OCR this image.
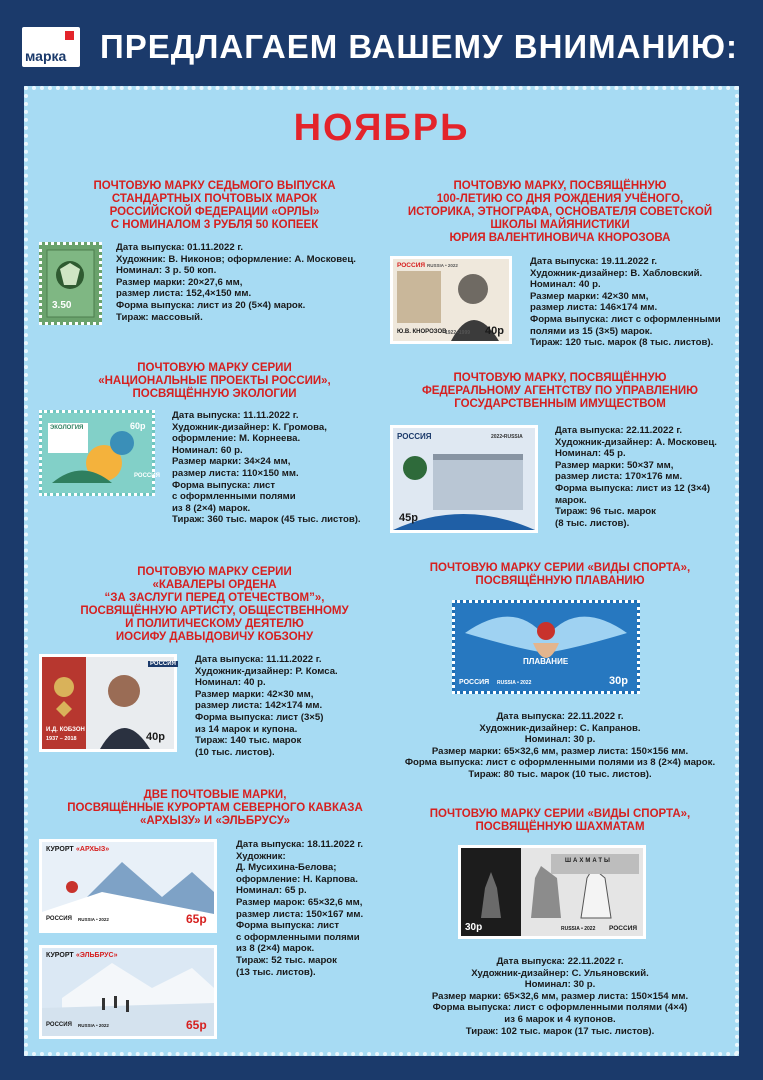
марка ПРЕДЛАГАЕМ ВАШЕМУ ВНИМАНИЮ:
НОЯБРЬ
ПОЧТОВУЮ МАРКУ СЕДЬМОГО ВЫПУСКА
СТАНДАРТНЫХ ПОЧТОВЫХ МАРОК
РОССИЙСКОЙ ФЕДЕРАЦИИ «ОРЛЫ»
С НОМИНАЛОМ 3 РУБЛЯ 50 КОПЕЕК
3.50
Дата выпуска: 01.11.2022 г.
Художник: В. Никонов; оформление: А. Московец.
Номинал: 3 р. 50 коп.
Размер марки: 20×27,6 мм,
размер листа: 152,4×150 мм.
Форма выпуска: лист из 20 (5×4) марок.
Тираж: массовый.
ПОЧТОВУЮ МАРКУ СЕРИИ
«НАЦИОНАЛЬНЫЕ ПРОЕКТЫ РОССИИ»,
ПОСВЯЩЁННУЮ ЭКОЛОГИИ
ЭКОЛОГИЯ	60р
РОССИЯ
Дата выпуска: 11.11.2022 г.
Художник-дизайнер: К. Громова,
оформление: М. Корнеева.
Номинал: 60 р.
Размер марки: 34×24 мм,
размер листа: 110×150 мм.
Форма выпуска: лист
с оформленными полями
из 8 (2×4) марок.
Тираж: 360 тыс. марок (45 тыс. листов).
ПОЧТОВУЮ МАРКУ СЕРИИ
«КАВАЛЕРЫ ОРДЕНА
“ЗА ЗАСЛУГИ ПЕРЕД ОТЕЧЕСТВОМ”»,
ПОСВЯЩЁННУЮ АРТИСТУ, ОБЩЕСТВЕННОМУ
И ПОЛИТИЧЕСКОМУ ДЕЯТЕЛЮ
ИОСИФУ ДАВЫДОВИЧУ КОБЗОНУ
РОССИЯ
И.Д. КОБЗОН
1937 – 2018	40р
Дата выпуска: 11.11.2022 г.
Художник-дизайнер: Р. Комса.
Номинал: 40 р.
Размер марки: 42×30 мм,
размер листа: 142×174 мм.
Форма выпуска: лист (3×5)
из 14 марок и купона.
Тираж: 140 тыс. марок
(10 тыс. листов).
ДВЕ ПОЧТОВЫЕ МАРКИ,
ПОСВЯЩЁННЫЕ КУРОРТАМ СЕВЕРНОГО КАВКАЗА
«АРХЫЗУ» И «ЭЛЬБРУСУ»
КУРОРТ «АРХЫЗ»
РОССИЯ RUSSIA • 2022	65р
КУРОРТ «ЭЛЬБРУС»
РОССИЯ RUSSIA • 2022	65р
Дата выпуска: 18.11.2022 г.
Художник:
Д. Мусихина-Белова;
оформление: Н. Карпова.
Номинал: 65 р.
Размер марок: 65×32,6 мм,
размер листа: 150×167 мм.
Форма выпуска: лист
с оформленными полями
из 8 (2×4) марок.
Тираж: 52 тыс. марок
(13 тыс. листов).
ПОЧТОВУЮ МАРКУ, ПОСВЯЩЁННУЮ
100-ЛЕТИЮ СО ДНЯ РОЖДЕНИЯ УЧЁНОГО,
ИСТОРИКА, ЭТНОГРАФА, ОСНОВАТЕЛЯ СОВЕТСКОЙ
ШКОЛЫ МАЙЯНИСТИКИ
ЮРИЯ ВАЛЕНТИНОВИЧА КНОРОЗОВА
РОССИЯ RUSSIA • 2022
Ю.В. КНОРОЗОВ
1922–1999 40р
Дата выпуска: 19.11.2022 г.
Художник-дизайнер: В. Хабловский.
Номинал: 40 р.
Размер марки: 42×30 мм,
размер листа: 146×174 мм.
Форма выпуска: лист с оформленными
полями из 15 (3×5) марок.
Тираж: 120 тыс. марок (8 тыс. листов).
ПОЧТОВУЮ МАРКУ, ПОСВЯЩЁННУЮ
ФЕДЕРАЛЬНОМУ АГЕНТСТВУ ПО УПРАВЛЕНИЮ
ГОСУДАРСТВЕННЫМ ИМУЩЕСТВОМ
РОССИЯ	2022•RUSSIA
45р
Дата выпуска: 22.11.2022 г.
Художник-дизайнер: А. Московец.
Номинал: 45 р.
Размер марки: 50×37 мм,
размер листа: 170×176 мм.
Форма выпуска: лист из 12 (3×4)
марок.
Тираж: 96 тыс. марок
(8 тыс. листов).
ПОЧТОВУЮ МАРКУ СЕРИИ «ВИДЫ СПОРТА»,
ПОСВЯЩЁННУЮ ПЛАВАНИЮ
ПЛАВАНИЕ
РОССИЯ RUSSIA • 2022	30р
Дата выпуска: 22.11.2022 г.
Художник-дизайнер: С. Капранов.
Номинал: 30 р.
Размер марки: 65×32,6 мм, размер листа: 150×156 мм.
Форма выпуска: лист с оформленными полями из 8 (2×4) марок.
Тираж: 80 тыс. марок (10 тыс. листов).
ПОЧТОВУЮ МАРКУ СЕРИИ «ВИДЫ СПОРТА»,
ПОСВЯЩЁННУЮ ШАХМАТАМ
ШАХМАТЫ
30р	RUSSIA • 2022 РОССИЯ
Дата выпуска: 22.11.2022 г.
Художник-дизайнер: С. Ульяновский.
Номинал: 30 р.
Размер марки: 65×32,6 мм, размер листа: 150×154 мм.
Форма выпуска: лист с оформленными полями (4×4)
из 6 марок и 4 купонов.
Тираж: 102 тыс. марок (17 тыс. листов).
